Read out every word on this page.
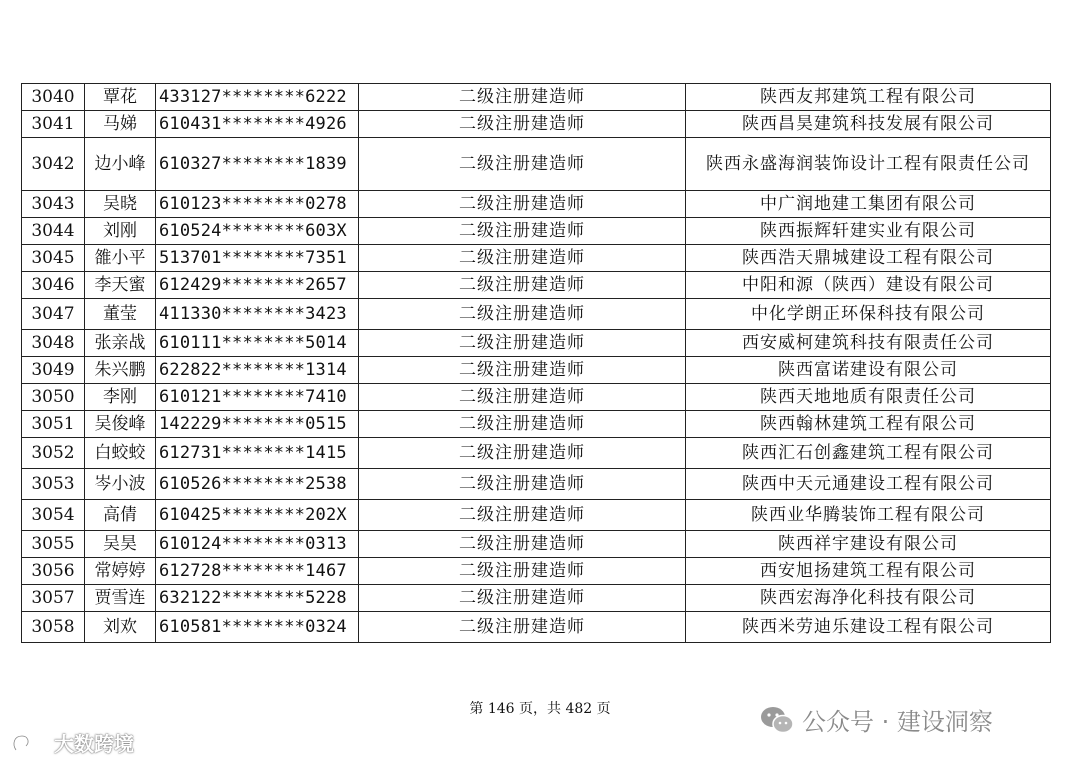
3040	覃花	433127********6222	二级注册建造师	陕西友邦建筑工程有限公司
3041	马娣	610431********4926	二级注册建造师	陕西昌昊建筑科技发展有限公司
3042	边小峰	610327********1839	二级注册建造师	陕西永盛海润装饰设计工程有限责任公司
3043	吴晓	610123********0278	二级注册建造师	中广润地建工集团有限公司
3044	刘刚	610524********603X	二级注册建造师	陕西振辉轩建实业有限公司
3045	雒小平	513701********7351	二级注册建造师	陕西浩天鼎城建设工程有限公司
3046	李天蜜	612429********2657	二级注册建造师	中阳和源（陕西）建设有限公司
3047	董莹	411330********3423	二级注册建造师	中化学朗正环保科技有限公司
3048	张亲战	610111********5014	二级注册建造师	西安威柯建筑科技有限责任公司
3049	朱兴鹏	622822********1314	二级注册建造师	陕西富诺建设有限公司
3050	李刚	610121********7410	二级注册建造师	陕西天地地质有限责任公司
3051	吴俊峰	142229********0515	二级注册建造师	陕西翰林建筑工程有限公司
3052	白蛟蛟	612731********1415	二级注册建造师	陕西汇石创鑫建筑工程有限公司
3053	岑小波	610526********2538	二级注册建造师	陕西中天元通建设工程有限公司
3054	高倩	610425********202X	二级注册建造师	陕西业华腾装饰工程有限公司
3055	吴昊	610124********0313	二级注册建造师	陕西祥宇建设有限公司
3056	常婷婷	612728********1467	二级注册建造师	西安旭扬建筑工程有限公司
3057	贾雪连	632122********5228	二级注册建造师	陕西宏海净化科技有限公司
3058	刘欢	610581********0324	二级注册建造师	陕西米劳迪乐建设工程有限公司
第 146 页，共 482 页	公众号 · 建设洞察
大数跨境
